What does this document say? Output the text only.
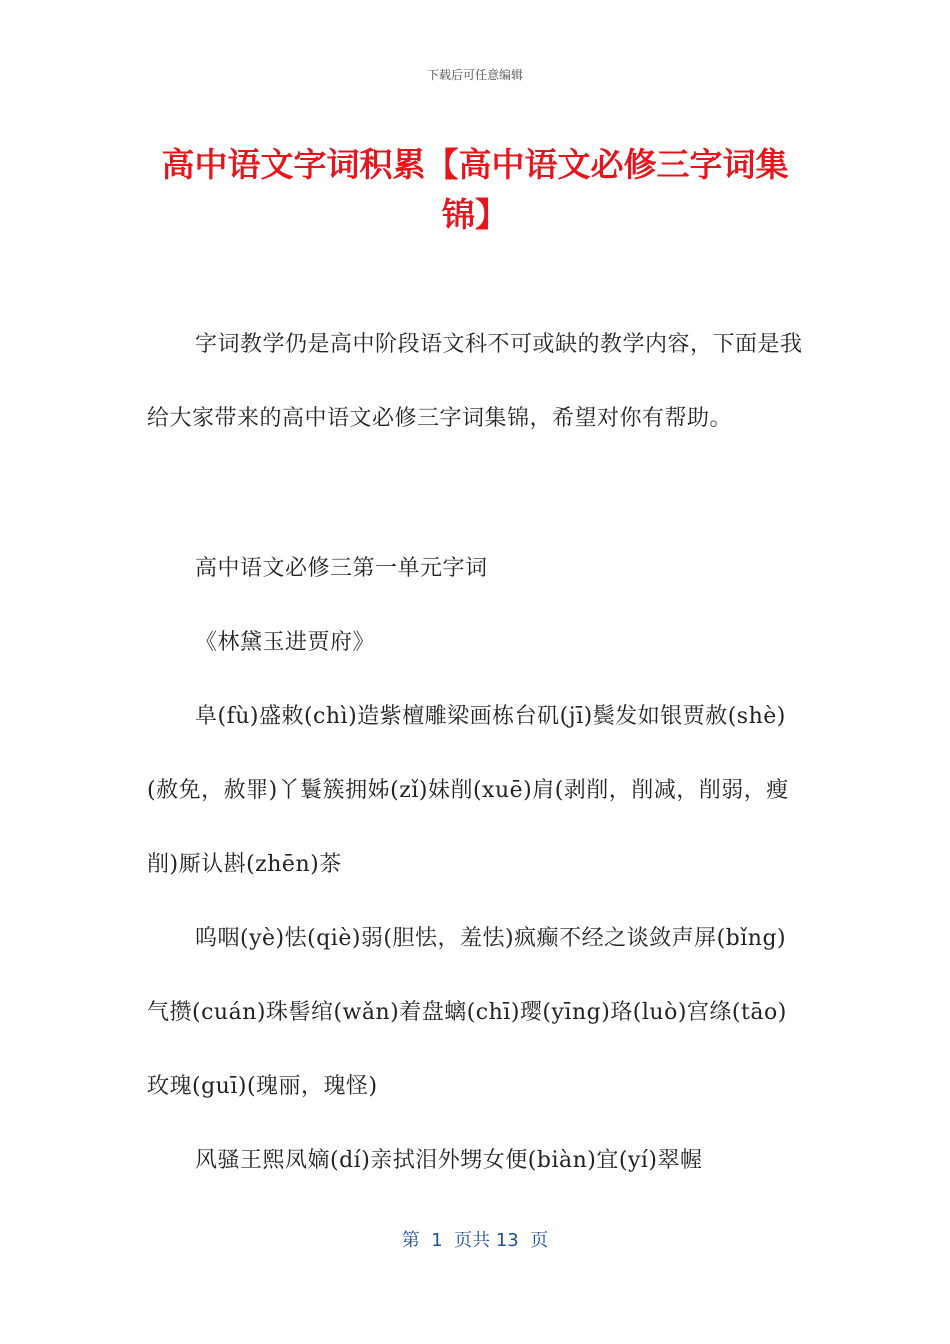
下载后可任意编辑
高中语文字词积累【高中语文必修三字词集锦】

字词教学仍是高中阶段语文科不可或缺的教学内容，下面是我给大家带来的高中语文必修三字词集锦，希望对你有帮助。

高中语文必修三第一单元字词

《林黛玉进贾府》

阜(fù)盛敕(chì)造紫檀雕梁画栋台矶(jī)鬓发如银贾赦(shè)(赦免，赦罪)丫鬟簇拥姊(zǐ)妹削(xuē)肩(剥削，削减，削弱，瘦削)厮认斟(zhēn)茶

呜咽(yè)怯(qiè)弱(胆怯，羞怯)疯癫不经之谈敛声屏(bǐng)气攒(cuán)珠髻绾(wǎn)着盘螭(chī)璎(yīng)珞(luò)宫绦(tāo)玫瑰(guī)(瑰丽，瑰怪)

风骚王熙凤嫡(dí)亲拭泪外甥女便(biàn)宜(yí)翠幄

第  1  页共 13  页
